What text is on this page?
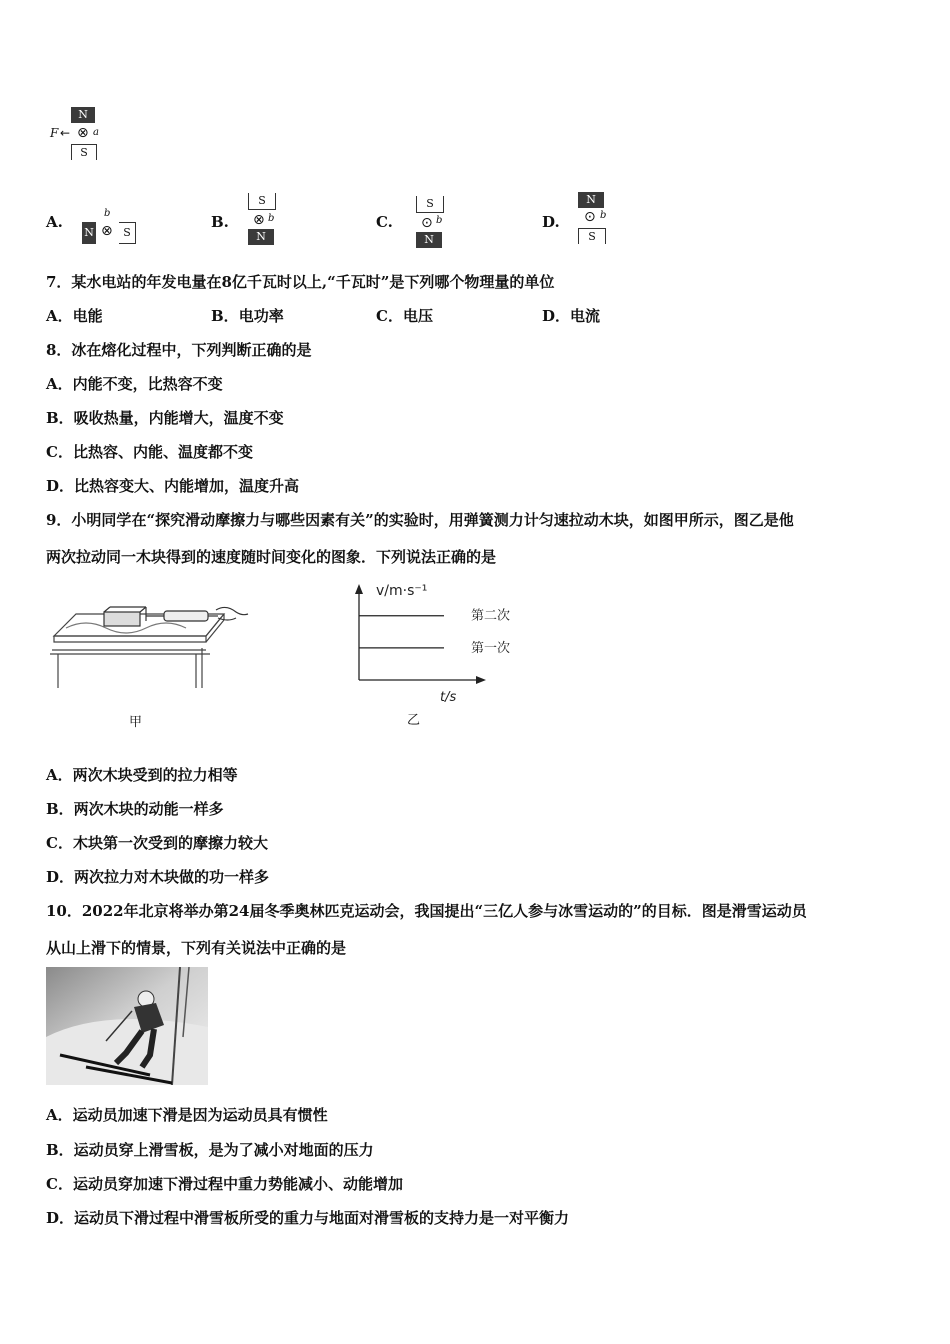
N
F ← ⊗ a
S
A.
N
b
⊗ S
B.
S
⊗ b
N
C.
S
⊙ b
N
D.
N
⊙ b
S
7．某水电站的年发电量在8亿千瓦时以上,“千瓦时”是下列哪个物理量的单位
A．电能	B．电功率	C．电压	D．电流
8．冰在熔化过程中，下列判断正确的是
A．内能不变，比热容不变
B．吸收热量，内能增大，温度不变
C．比热容、内能、温度都不变
D．比热容变大、内能增加，温度升高
9．小明同学在“探究滑动摩擦力与哪些因素有关”的实验时，用弹簧测力计匀速拉动木块，如图甲所示，图乙是他
两次拉动同一木块得到的速度随时间变化的图象．下列说法正确的是
甲
v/m·s⁻¹
t/s
第二次
第一次
乙
A．两次木块受到的拉力相等
B．两次木块的动能一样多
C．木块第一次受到的摩擦力较大
D．两次拉力对木块做的功一样多
10．2022年北京将举办第24届冬季奥林匹克运动会，我国提出“三亿人参与冰雪运动的”的目标．图是滑雪运动员
从山上滑下的情景，下列有关说法中正确的是
A．运动员加速下滑是因为运动员具有惯性
B．运动员穿上滑雪板，是为了减小对地面的压力
C．运动员穿加速下滑过程中重力势能减小、动能增加
D．运动员下滑过程中滑雪板所受的重力与地面对滑雪板的支持力是一对平衡力
